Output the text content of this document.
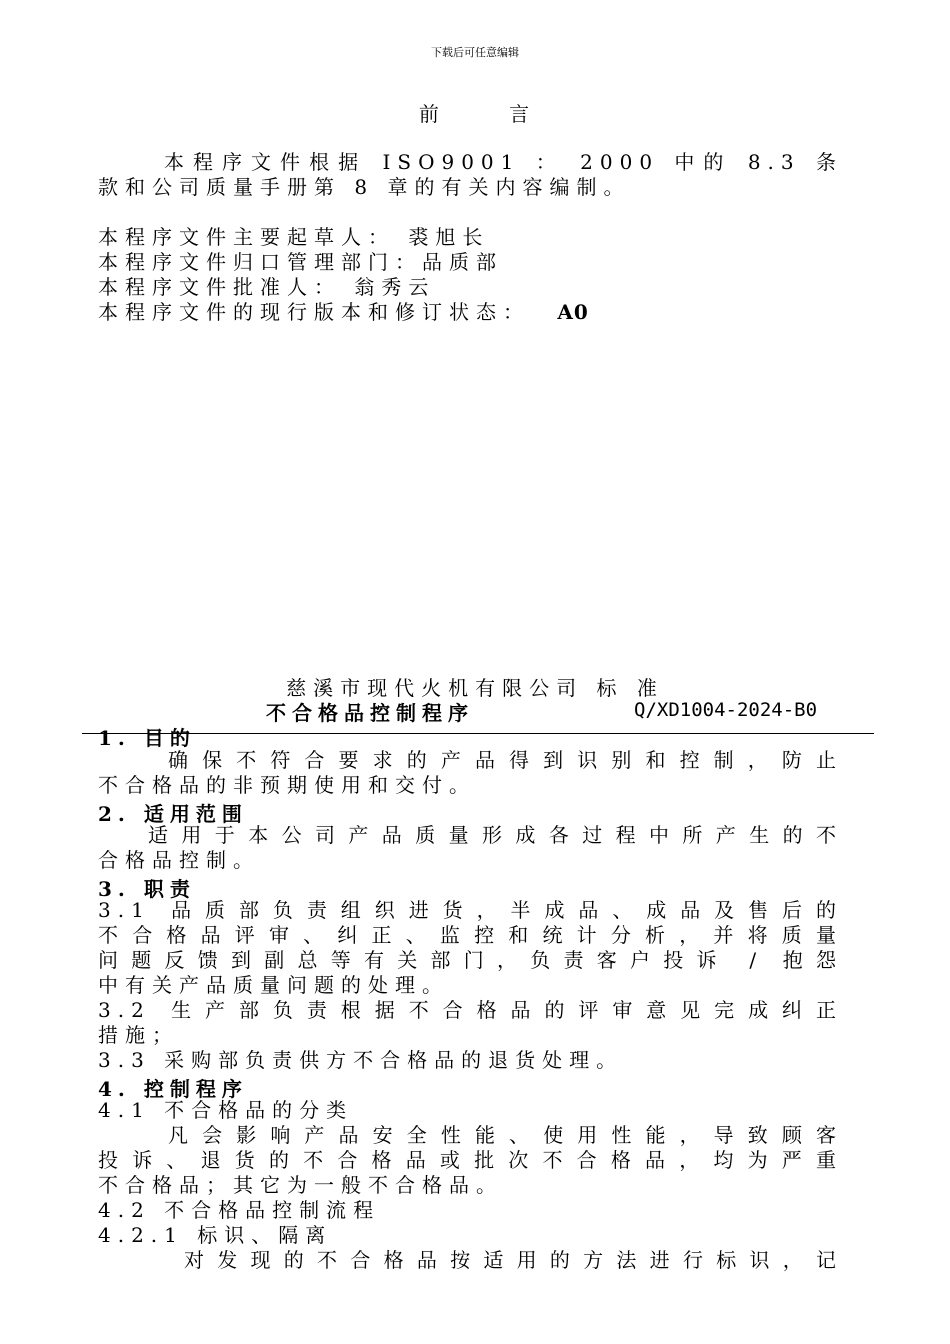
下载后可任意编辑
前 言
本程序文件根据 ISO9001 ： 2000 中的 8.3 条
款和公司质量手册第 8 章的有关内容编制。
本程序文件主要起草人： 裘旭长
本程序文件归口管理部门：品质部
本程序文件批准人： 翁秀云
本程序文件的现行版本和修订状态： A0
慈溪市现代火机有限公司 标 准
不合格品控制程序	Q/XD1004-2024-B0
1. 目的
确保不符合要求的产品得到识别和控制，防止
不合格品的非预期使用和交付。
2. 适用范围
适用于本公司产品质量形成各过程中所产生的不
合格品控制。
3. 职责
3.1 品质部负责组织进货，半成品、成品及售后的
不合格品评审、纠正、监控和统计分析，并将质量
问题反馈到副总等有关部门，负责客户投诉 / 抱怨
中有关产品质量问题的处理。
3.2 生产部负责根据不合格品的评审意见完成纠正
措施；
3.3 采购部负责供方不合格品的退货处理。
4. 控制程序
4.1 不合格品的分类
凡会影响产品安全性能、使用性能，导致顾客
投诉、退货的不合格品或批次不合格品，均为严重
不合格品；其它为一般不合格品。
4.2 不合格品控制流程
4.2.1 标识、隔离
对发现的不合格品按适用的方法进行标识，记
